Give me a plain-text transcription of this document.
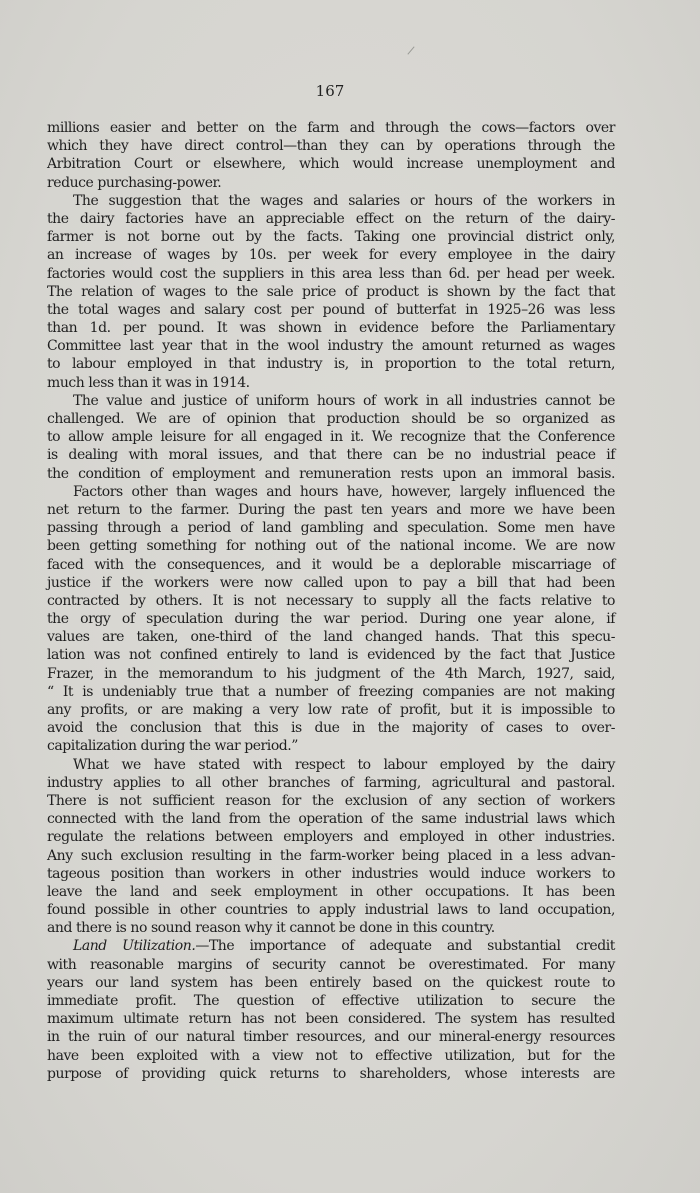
167
millions easier and better on the farm and through the cows—factors over
which they have direct control—than they can by operations through the
Arbitration Court or elsewhere, which would increase unemployment and
reduce purchasing-power.
The suggestion that the wages and salaries or hours of the workers in
the dairy factories have an appreciable effect on the return of the dairy-
farmer is not borne out by the facts. Taking one provincial district only,
an increase of wages by 10s. per week for every employee in the dairy
factories would cost the suppliers in this area less than 6d. per head per week.
The relation of wages to the sale price of product is shown by the fact that
the total wages and salary cost per pound of butterfat in 1925–26 was less
than 1d. per pound. It was shown in evidence before the Parliamentary
Committee last year that in the wool industry the amount returned as wages
to labour employed in that industry is, in proportion to the total return,
much less than it was in 1914.
The value and justice of uniform hours of work in all industries cannot be
challenged. We are of opinion that production should be so organized as
to allow ample leisure for all engaged in it. We recognize that the Conference
is dealing with moral issues, and that there can be no industrial peace if
the condition of employment and remuneration rests upon an immoral basis.
Factors other than wages and hours have, however, largely influenced the
net return to the farmer. During the past ten years and more we have been
passing through a period of land gambling and speculation. Some men have
been getting something for nothing out of the national income. We are now
faced with the consequences, and it would be a deplorable miscarriage of
justice if the workers were now called upon to pay a bill that had been
contracted by others. It is not necessary to supply all the facts relative to
the orgy of speculation during the war period. During one year alone, if
values are taken, one-third of the land changed hands. That this specu-
lation was not confined entirely to land is evidenced by the fact that Justice
Frazer, in the memorandum to his judgment of the 4th March, 1927, said,
“ It is undeniably true that a number of freezing companies are not making
any profits, or are making a very low rate of profit, but it is impossible to
avoid the conclusion that this is due in the majority of cases to over-
capitalization during the war period.”
What we have stated with respect to labour employed by the dairy
industry applies to all other branches of farming, agricultural and pastoral.
There is not sufficient reason for the exclusion of any section of workers
connected with the land from the operation of the same industrial laws which
regulate the relations between employers and employed in other industries.
Any such exclusion resulting in the farm-worker being placed in a less advan-
tageous position than workers in other industries would induce workers to
leave the land and seek employment in other occupations. It has been
found possible in other countries to apply industrial laws to land occupation,
and there is no sound reason why it cannot be done in this country.
Land Utilization.—The importance of adequate and substantial credit
with reasonable margins of security cannot be overestimated. For many
years our land system has been entirely based on the quickest route to
immediate profit. The question of effective utilization to secure the
maximum ultimate return has not been considered. The system has resulted
in the ruin of our natural timber resources, and our mineral-energy resources
have been exploited with a view not to effective utilization, but for the
purpose of providing quick returns to shareholders, whose interests are
